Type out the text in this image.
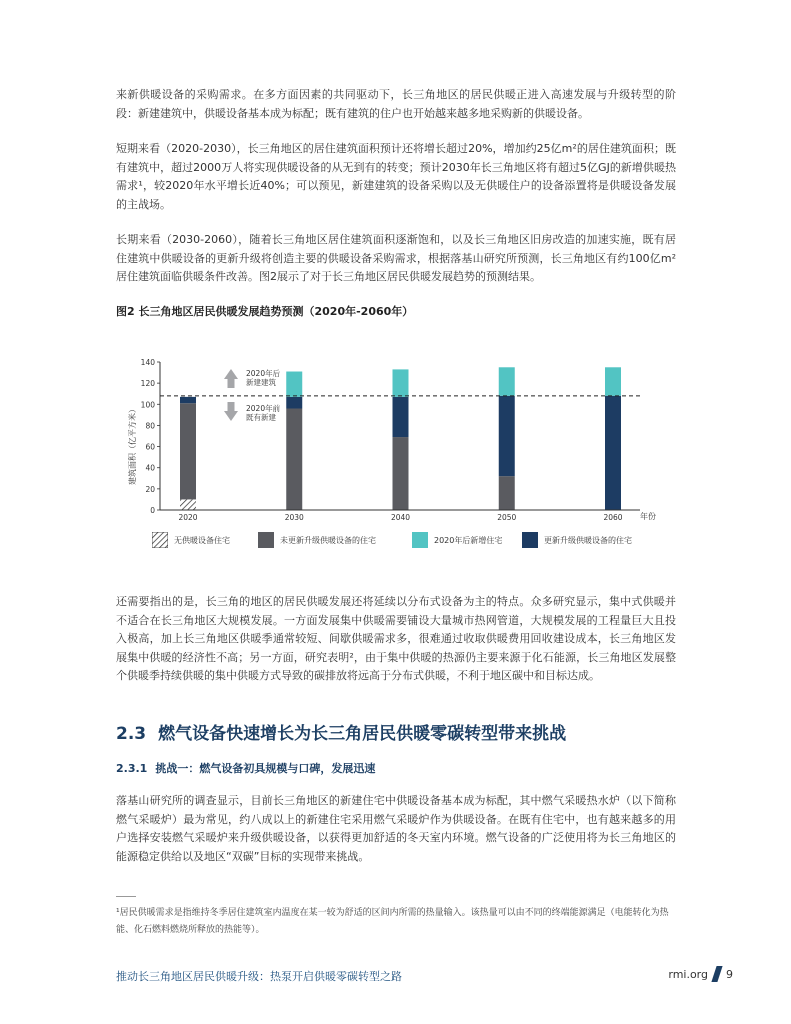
来新供暖设备的采购需求。在多方面因素的共同驱动下，长三角地区的居民供暖正进入高速发展与升级转型的阶段：新建建筑中，供暖设备基本成为标配；既有建筑的住户也开始越来越多地采购新的供暖设备。

短期来看（2020-2030），长三角地区的居住建筑面积预计还将增长超过20%，增加约25亿m²的居住建筑面积；既有建筑中，超过2000万人将实现供暖设备的从无到有的转变；预计2030年长三角地区将有超过5亿GJ的新增供暖热需求¹，较2020年水平增长近40%；可以预见，新建建筑的设备采购以及无供暖住户的设备添置将是供暖设备发展的主战场。

长期来看（2030-2060），随着长三角地区居住建筑面积逐渐饱和，以及长三角地区旧房改造的加速实施，既有居住建筑中供暖设备的更新升级将创造主要的供暖设备采购需求，根据落基山研究所预测，长三角地区有约100亿m²居住建筑面临供暖条件改善。图2展示了对于长三角地区居民供暖发展趋势的预测结果。

图2 长三角地区居民供暖发展趋势预测（2020年-2060年）

0
20
40
60
80
100
120
140
2020	2030	2040	2050	2060
2020年后新建建筑
2020年前既有新建
建筑面积（亿平方米）
年份
无供暖设备住宅	未更新升级供暖设备的住宅	2020年后新增住宅	更新升级供暖设备的住宅

还需要指出的是，长三角的地区的居民供暖发展还将延续以分布式设备为主的特点。众多研究显示，集中式供暖并不适合在长三角地区大规模发展。一方面发展集中供暖需要铺设大量城市热网管道，大规模发展的工程量巨大且投入极高，加上长三角地区供暖季通常较短、间歇供暖需求多，很难通过收取供暖费用回收建设成本，长三角地区发展集中供暖的经济性不高；另一方面，研究表明²，由于集中供暖的热源仍主要来源于化石能源，长三角地区发展整个供暖季持续供暖的集中供暖方式导致的碳排放将远高于分布式供暖，不利于地区碳中和目标达成。

2.3 燃气设备快速增长为长三角居民供暖零碳转型带来挑战
2.3.1 挑战一：燃气设备初具规模与口碑，发展迅速

落基山研究所的调查显示，目前长三角地区的新建住宅中供暖设备基本成为标配，其中燃气采暖热水炉（以下简称燃气采暖炉）最为常见，约八成以上的新建住宅采用燃气采暖炉作为供暖设备。在既有住宅中，也有越来越多的用户选择安装燃气采暖炉来升级供暖设备，以获得更加舒适的冬天室内环境。燃气设备的广泛使用将为长三角地区的能源稳定供给以及地区“双碳”目标的实现带来挑战。

¹居民供暖需求是指维持冬季居住建筑室内温度在某一较为舒适的区间内所需的热量输入。该热量可以由不同的终端能源满足（电能转化为热能、化石燃料燃烧所释放的热能等）。

推动长三角地区居民供暖升级：热泵开启供暖零碳转型之路	rmi.org 9
